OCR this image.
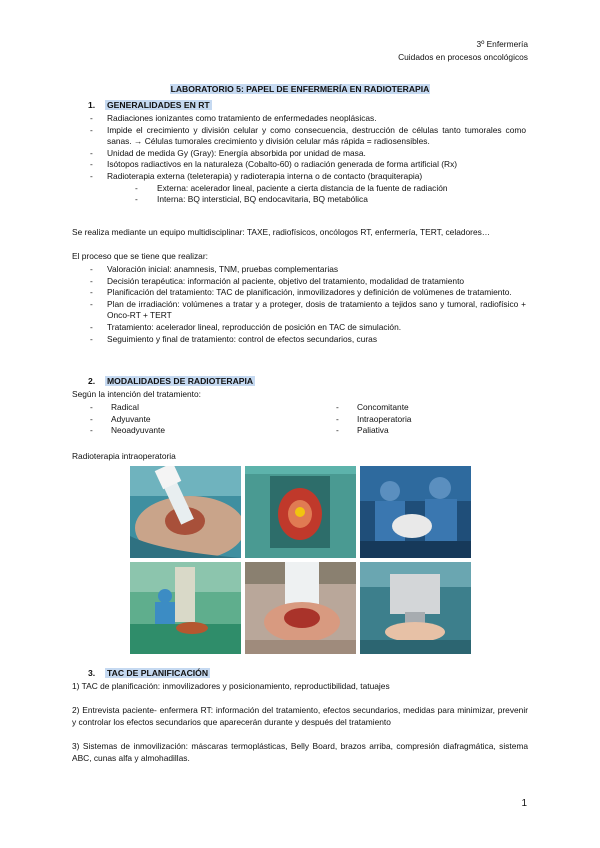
3º Enfermería
Cuidados en procesos oncológicos
LABORATORIO 5: PAPEL DE ENFERMERÍA EN RADIOTERAPIA
1. GENERALIDADES EN RT
- Radiaciones ionizantes como tratamiento de enfermedades neoplásicas.
- Impide el crecimiento y división celular y como consecuencia, destrucción de células tanto tumorales como sanas. → Células tumorales crecimiento y división celular más rápida = radiosensibles.
- Unidad de medida Gy (Gray): Energía absorbida por unidad de masa.
- Isótopos radiactivos en la naturaleza (Cobalto-60) o radiación generada de forma artificial (Rx)
- Radioterapia externa (teleterapia) y radioterapia interna o de contacto (braquiterapia)
- Externa: acelerador lineal, paciente a cierta distancia de la fuente de radiación
- Interna: BQ intersticial, BQ endocavitaria, BQ metabólica
Se realiza mediante un equipo multidisciplinar: TAXE, radiofísicos, oncólogos RT, enfermería, TERT, celadores…
El proceso que se tiene que realizar:
- Valoración inicial: anamnesis, TNM, pruebas complementarias
- Decisión terapéutica: información al paciente, objetivo del tratamiento, modalidad de tratamiento
- Planificación del tratamiento: TAC de planificación, inmovilizadores y definición de volúmenes de tratamiento.
- Plan de irradiación: volúmenes a tratar y a proteger, dosis de tratamiento a tejidos sano y tumoral, radiofísico + Onco-RT + TERT
- Tratamiento: acelerador lineal, reproducción de posición en TAC de simulación.
- Seguimiento y final de tratamiento: control de efectos secundarios, curas
2. MODALIDADES DE RADIOTERAPIA
Según la intención del tratamiento:
- Radical
- Adyuvante
- Neoadyuvante
- Concomitante
- Intraoperatoria
- Paliativa
Radioterapia intraoperatoria
3. TAC DE PLANIFICACIÓN
1) TAC de planificación: inmovilizadores y posicionamiento, reproductibilidad, tatuajes
2) Entrevista paciente- enfermera RT: información del tratamiento, efectos secundarios, medidas para minimizar, prevenir y controlar los efectos secundarios que aparecerán durante y después del tratamiento
3) Sistemas de inmovilización: máscaras termoplásticas, Belly Board, brazos arriba, compresión diafragmática, sistema ABC, cunas alfa y almohadillas.
1
